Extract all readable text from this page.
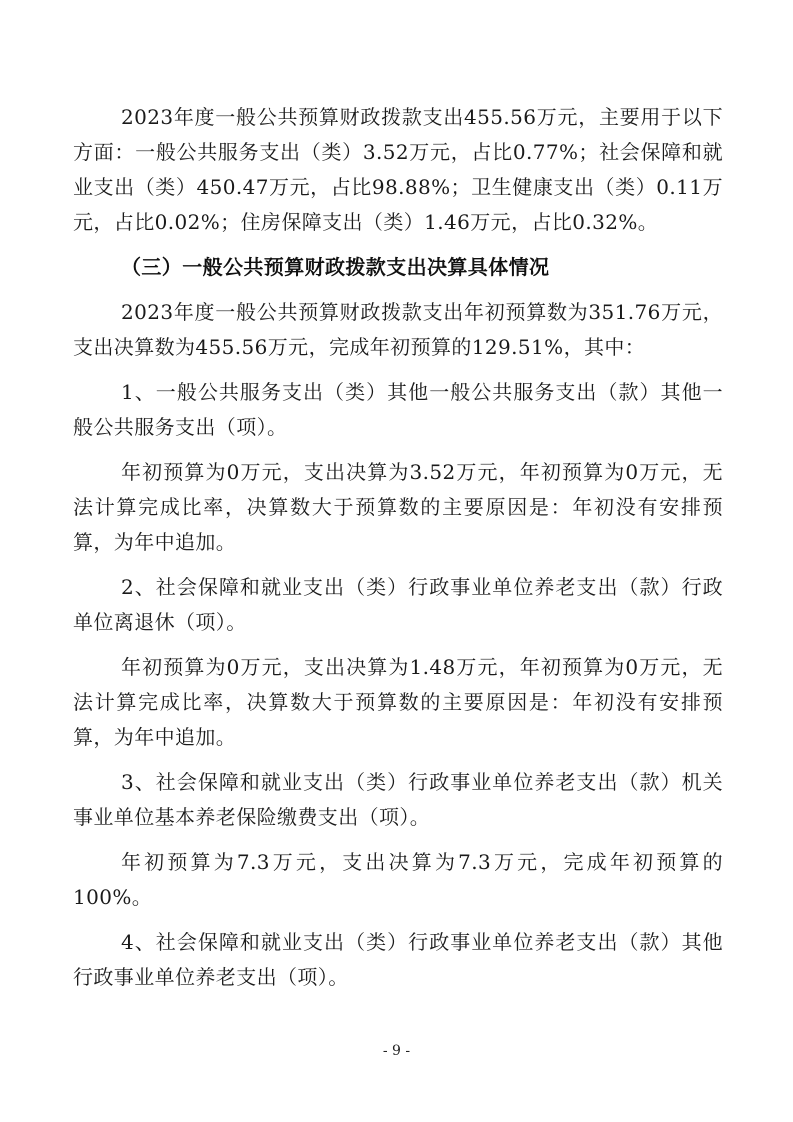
2023年度一般公共预算财政拨款支出455.56万元，主要用于以下方面：一般公共服务支出（类）3.52万元，占比0.77%；社会保障和就业支出（类）450.47万元，占比98.88%；卫生健康支出（类）0.11万元，占比0.02%；住房保障支出（类）1.46万元，占比0.32%。

（三）一般公共预算财政拨款支出决算具体情况

2023年度一般公共预算财政拨款支出年初预算数为351.76万元，支出决算数为455.56万元，完成年初预算的129.51%，其中：

1、一般公共服务支出（类）其他一般公共服务支出（款）其他一般公共服务支出（项）。

年初预算为0万元，支出决算为3.52万元，年初预算为0万元，无法计算完成比率，决算数大于预算数的主要原因是：年初没有安排预算，为年中追加。

2、社会保障和就业支出（类）行政事业单位养老支出（款）行政单位离退休（项）。

年初预算为0万元，支出决算为1.48万元，年初预算为0万元，无法计算完成比率，决算数大于预算数的主要原因是：年初没有安排预算，为年中追加。

3、社会保障和就业支出（类）行政事业单位养老支出（款）机关事业单位基本养老保险缴费支出（项）。

年初预算为7.3万元，支出决算为7.3万元，完成年初预算的100%。

4、社会保障和就业支出（类）行政事业单位养老支出（款）其他行政事业单位养老支出（项）。

- 9 -
